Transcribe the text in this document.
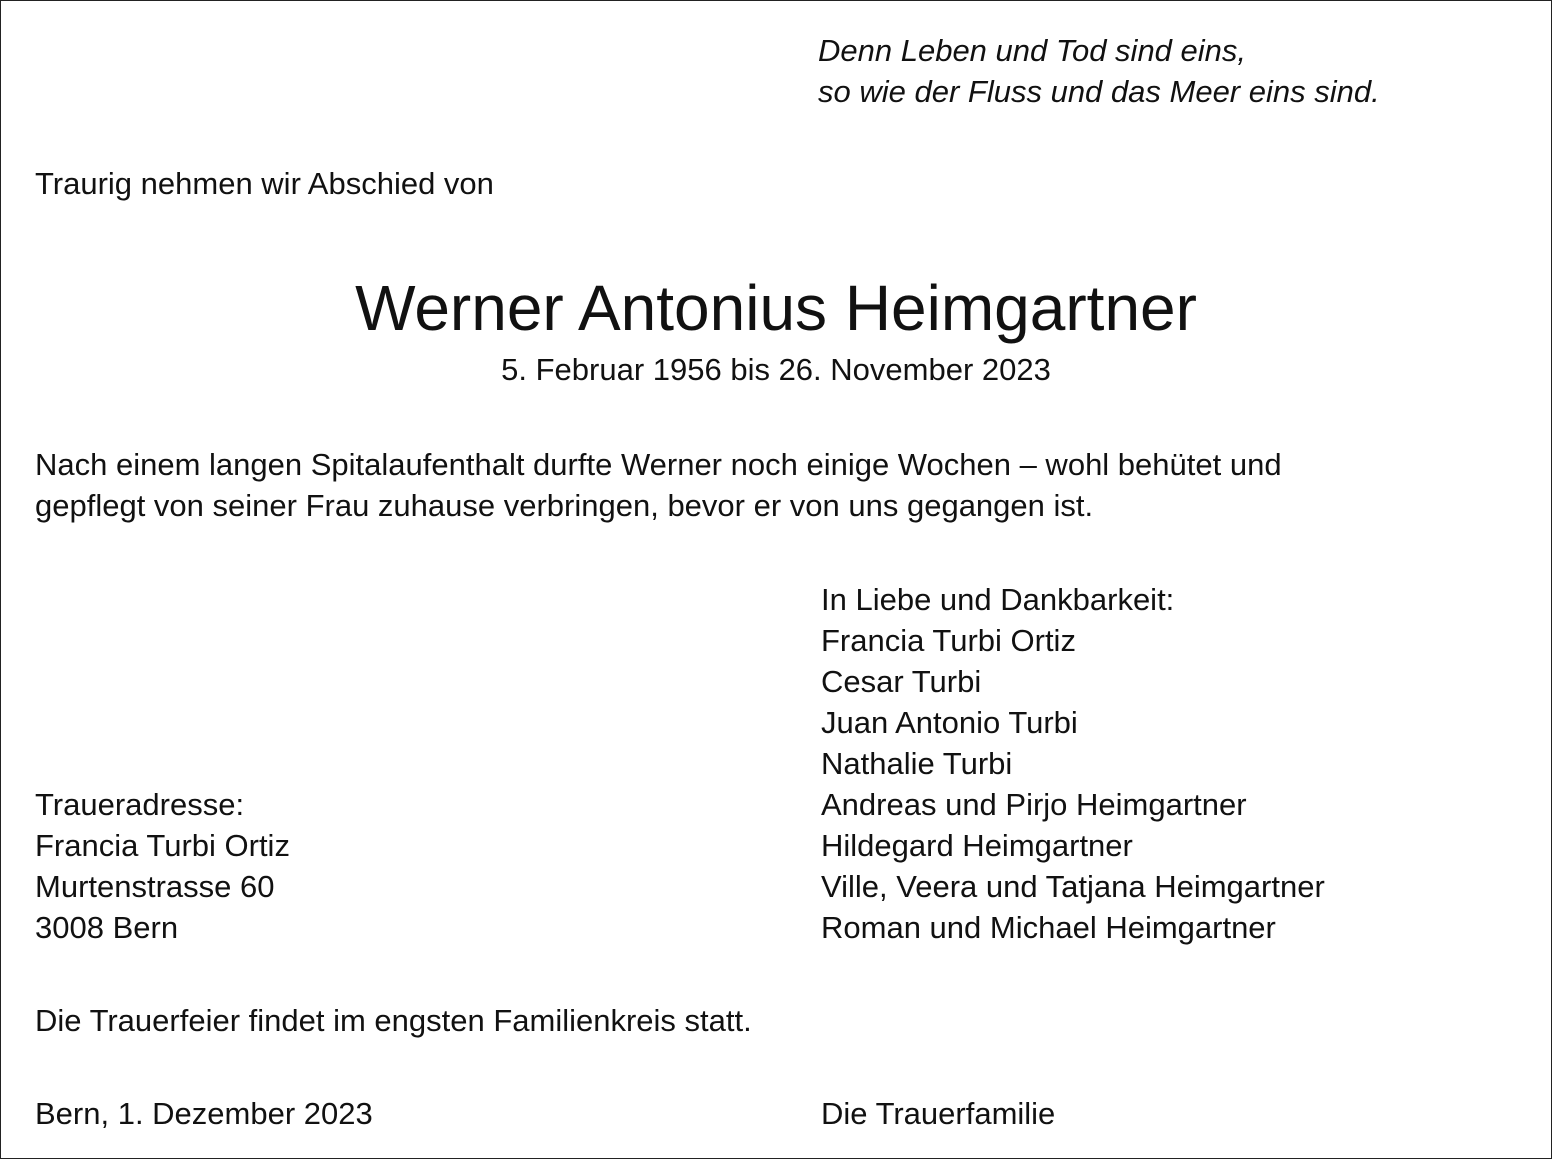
Denn Leben und Tod sind eins,
so wie der Fluss und das Meer eins sind.
Traurig nehmen wir Abschied von
Werner Antonius Heimgartner
5. Februar 1956 bis 26. November 2023
Nach einem langen Spitalaufenthalt durfte Werner noch einige Wochen – wohl behütet und
gepflegt von seiner Frau zuhause verbringen, bevor er von uns gegangen ist.
In Liebe und Dankbarkeit:
Francia Turbi Ortiz
Cesar Turbi
Juan Antonio Turbi
Nathalie Turbi
Andreas und Pirjo Heimgartner
Hildegard Heimgartner
Ville, Veera und Tatjana Heimgartner
Roman und Michael Heimgartner
Traueradresse:
Francia Turbi Ortiz
Murtenstrasse 60
3008 Bern
Die Trauerfeier findet im engsten Familienkreis statt.
Bern, 1. Dezember 2023	Die Trauerfamilie
